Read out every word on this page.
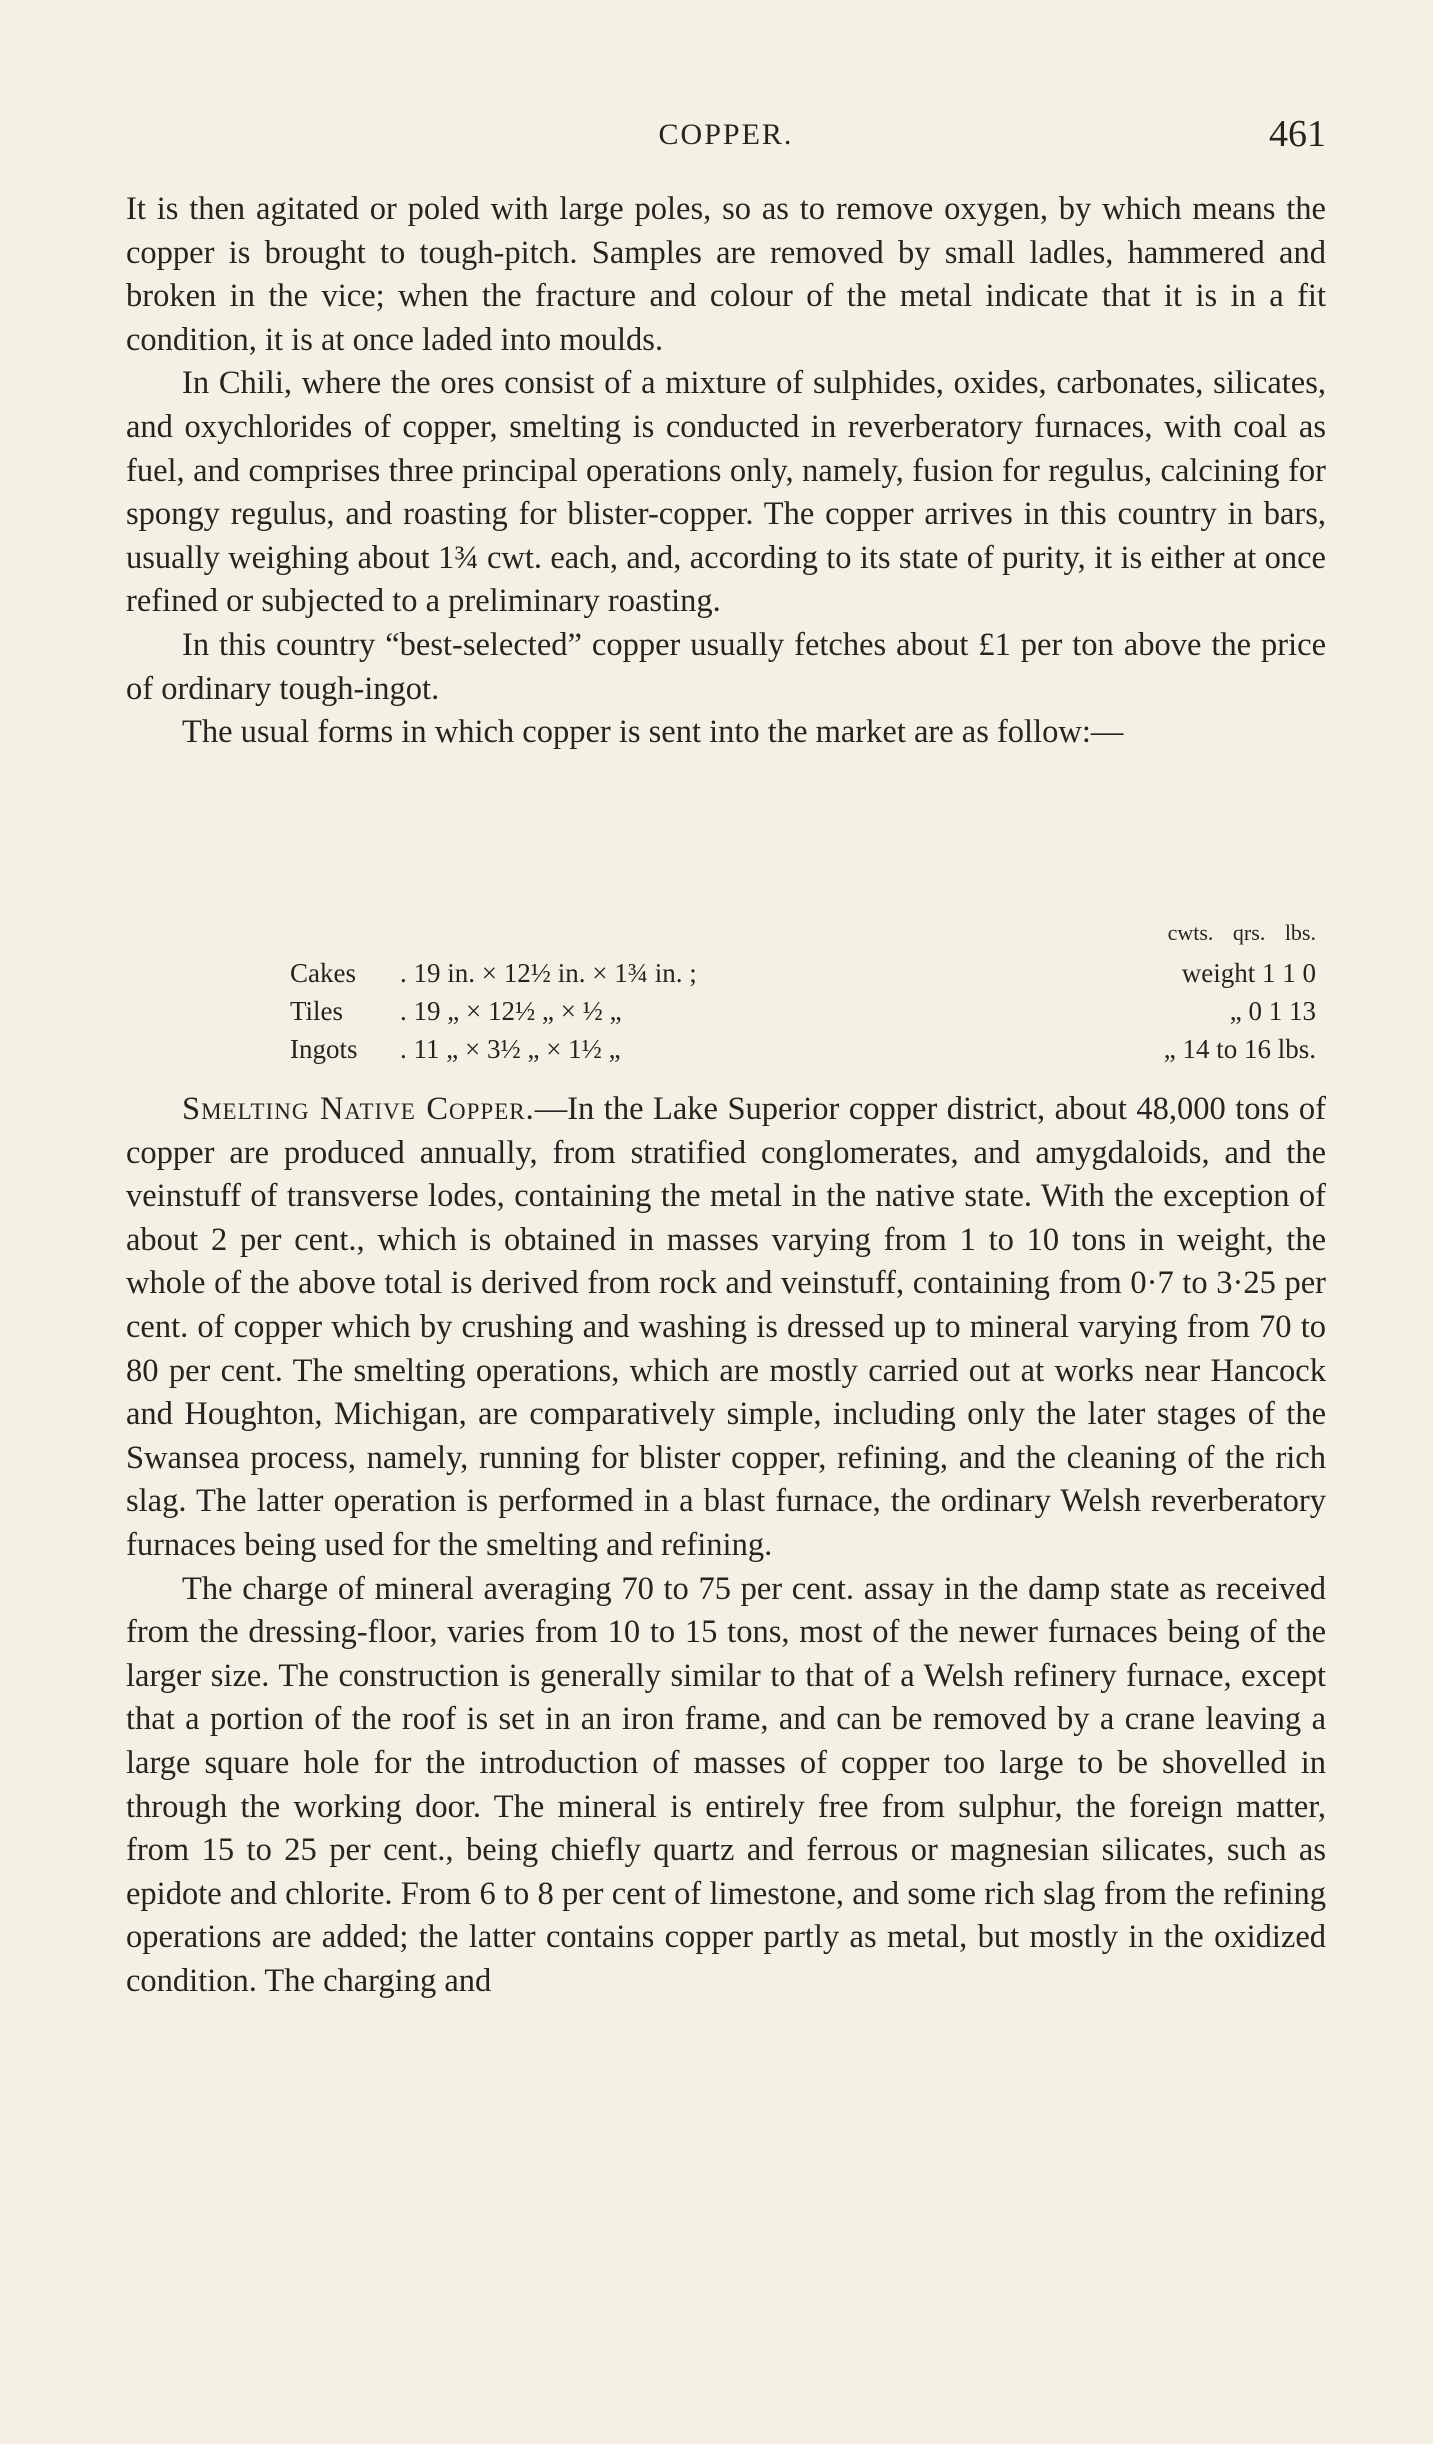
COPPER.	461

It is then agitated or poled with large poles, so as to remove oxygen, by which means the copper is brought to tough-pitch. Samples are removed by small ladles, hammered and broken in the vice; when the fracture and colour of the metal indicate that it is in a fit condition, it is at once laded into moulds.

In Chili, where the ores consist of a mixture of sulphides, oxides, carbonates, silicates, and oxychlorides of copper, smelting is conducted in reverberatory furnaces, with coal as fuel, and comprises three principal operations only, namely, fusion for regulus, calcining for spongy regulus, and roasting for blister-copper. The copper arrives in this country in bars, usually weighing about 1¾ cwt. each, and, according to its state of purity, it is either at once refined or subjected to a preliminary roasting.

In this country “best-selected” copper usually fetches about £1 per ton above the price of ordinary tough-ingot.

The usual forms in which copper is sent into the market are as follow:—

cwts. qrs. lbs.
Cakes . 19 in. × 12½ in. × 1¾ in. ;	weight 1 1 0
Tiles . 19 „ × 12½ „ × ½ „	„ 0 1 13
Ingots . 11 „ × 3½ „ × 1½ „	„ 14 to 16 lbs.

Smelting Native Copper.—In the Lake Superior copper district, about 48,000 tons of copper are produced annually, from stratified conglomerates, and amygdaloids, and the veinstuff of transverse lodes, containing the metal in the native state. With the exception of about 2 per cent., which is obtained in masses varying from 1 to 10 tons in weight, the whole of the above total is derived from rock and veinstuff, containing from 0·7 to 3·25 per cent. of copper which by crushing and washing is dressed up to mineral varying from 70 to 80 per cent. The smelting operations, which are mostly carried out at works near Hancock and Houghton, Michigan, are comparatively simple, including only the later stages of the Swansea process, namely, running for blister copper, refining, and the cleaning of the rich slag. The latter operation is performed in a blast furnace, the ordinary Welsh reverberatory furnaces being used for the smelting and refining.

The charge of mineral averaging 70 to 75 per cent. assay in the damp state as received from the dressing-floor, varies from 10 to 15 tons, most of the newer furnaces being of the larger size. The construction is generally similar to that of a Welsh refinery furnace, except that a portion of the roof is set in an iron frame, and can be removed by a crane leaving a large square hole for the introduction of masses of copper too large to be shovelled in through the working door. The mineral is entirely free from sulphur, the foreign matter, from 15 to 25 per cent., being chiefly quartz and ferrous or magnesian silicates, such as epidote and chlorite. From 6 to 8 per cent of limestone, and some rich slag from the refining operations are added; the latter contains copper partly as metal, but mostly in the oxidized condition. The charging and
